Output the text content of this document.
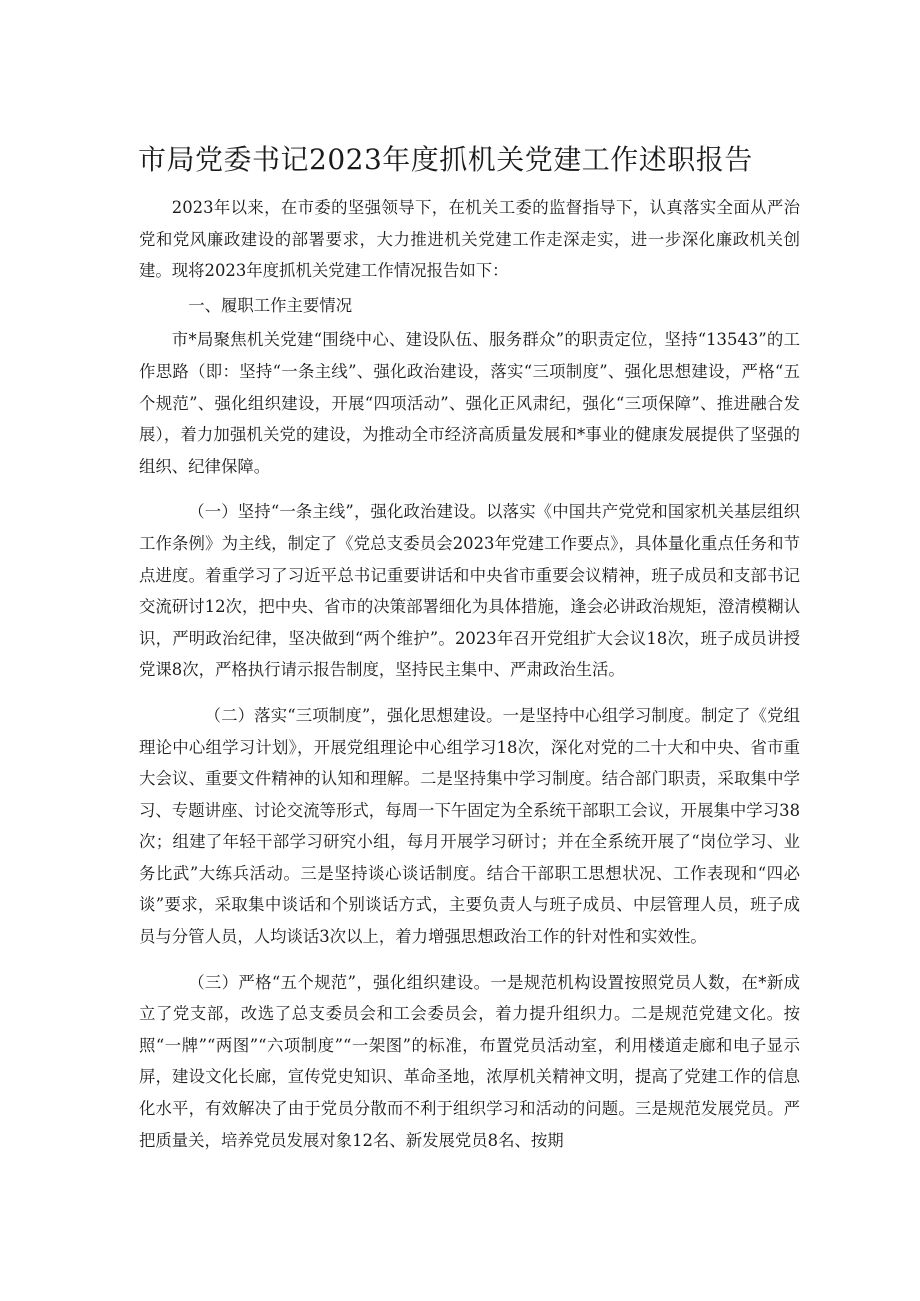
市局党委书记2023年度抓机关党建工作述职报告

2023年以来，在市委的坚强领导下，在机关工委的监督指导下，认真落实全面从严治党和党风廉政建设的部署要求，大力推进机关党建工作走深走实，进一步深化廉政机关创建。现将2023年度抓机关党建工作情况报告如下：

一、履职工作主要情况

市*局聚焦机关党建“围绕中心、建设队伍、服务群众”的职责定位，坚持“13543”的工作思路（即：坚持“一条主线”、强化政治建设，落实“三项制度”、强化思想建设，严格“五个规范”、强化组织建设，开展“四项活动”、强化正风肃纪，强化“三项保障”、推进融合发展），着力加强机关党的建设，为推动全市经济高质量发展和*事业的健康发展提供了坚强的组织、纪律保障。

（一）坚持“一条主线”，强化政治建设。以落实《中国共产党党和国家机关基层组织工作条例》为主线，制定了《党总支委员会2023年党建工作要点》，具体量化重点任务和节点进度。着重学习了习近平总书记重要讲话和中央省市重要会议精神，班子成员和支部书记交流研讨12次，把中央、省市的决策部署细化为具体措施，逢会必讲政治规矩，澄清模糊认识，严明政治纪律，坚决做到“两个维护”。2023年召开党组扩大会议18次，班子成员讲授党课8次，严格执行请示报告制度，坚持民主集中、严肃政治生活。

（二）落实“三项制度”，强化思想建设。一是坚持中心组学习制度。制定了《党组理论中心组学习计划》，开展党组理论中心组学习18次，深化对党的二十大和中央、省市重大会议、重要文件精神的认知和理解。二是坚持集中学习制度。结合部门职责，采取集中学习、专题讲座、讨论交流等形式，每周一下午固定为全系统干部职工会议，开展集中学习38次；组建了年轻干部学习研究小组，每月开展学习研讨；并在全系统开展了“岗位学习、业务比武”大练兵活动。三是坚持谈心谈话制度。结合干部职工思想状况、工作表现和“四必谈”要求，采取集中谈话和个别谈话方式，主要负责人与班子成员、中层管理人员，班子成员与分管人员，人均谈话3次以上，着力增强思想政治工作的针对性和实效性。

（三）严格“五个规范”，强化组织建设。一是规范机构设置按照党员人数，在*新成立了党支部，改选了总支委员会和工会委员会，着力提升组织力。二是规范党建文化。按照“一牌”“两图”“六项制度”“一架图”的标准，布置党员活动室，利用楼道走廊和电子显示屏，建设文化长廊，宣传党史知识、革命圣地，浓厚机关精神文明，提高了党建工作的信息化水平，有效解决了由于党员分散而不利于组织学习和活动的问题。三是规范发展党员。严把质量关，培养党员发展对象12名、新发展党员8名、按期
